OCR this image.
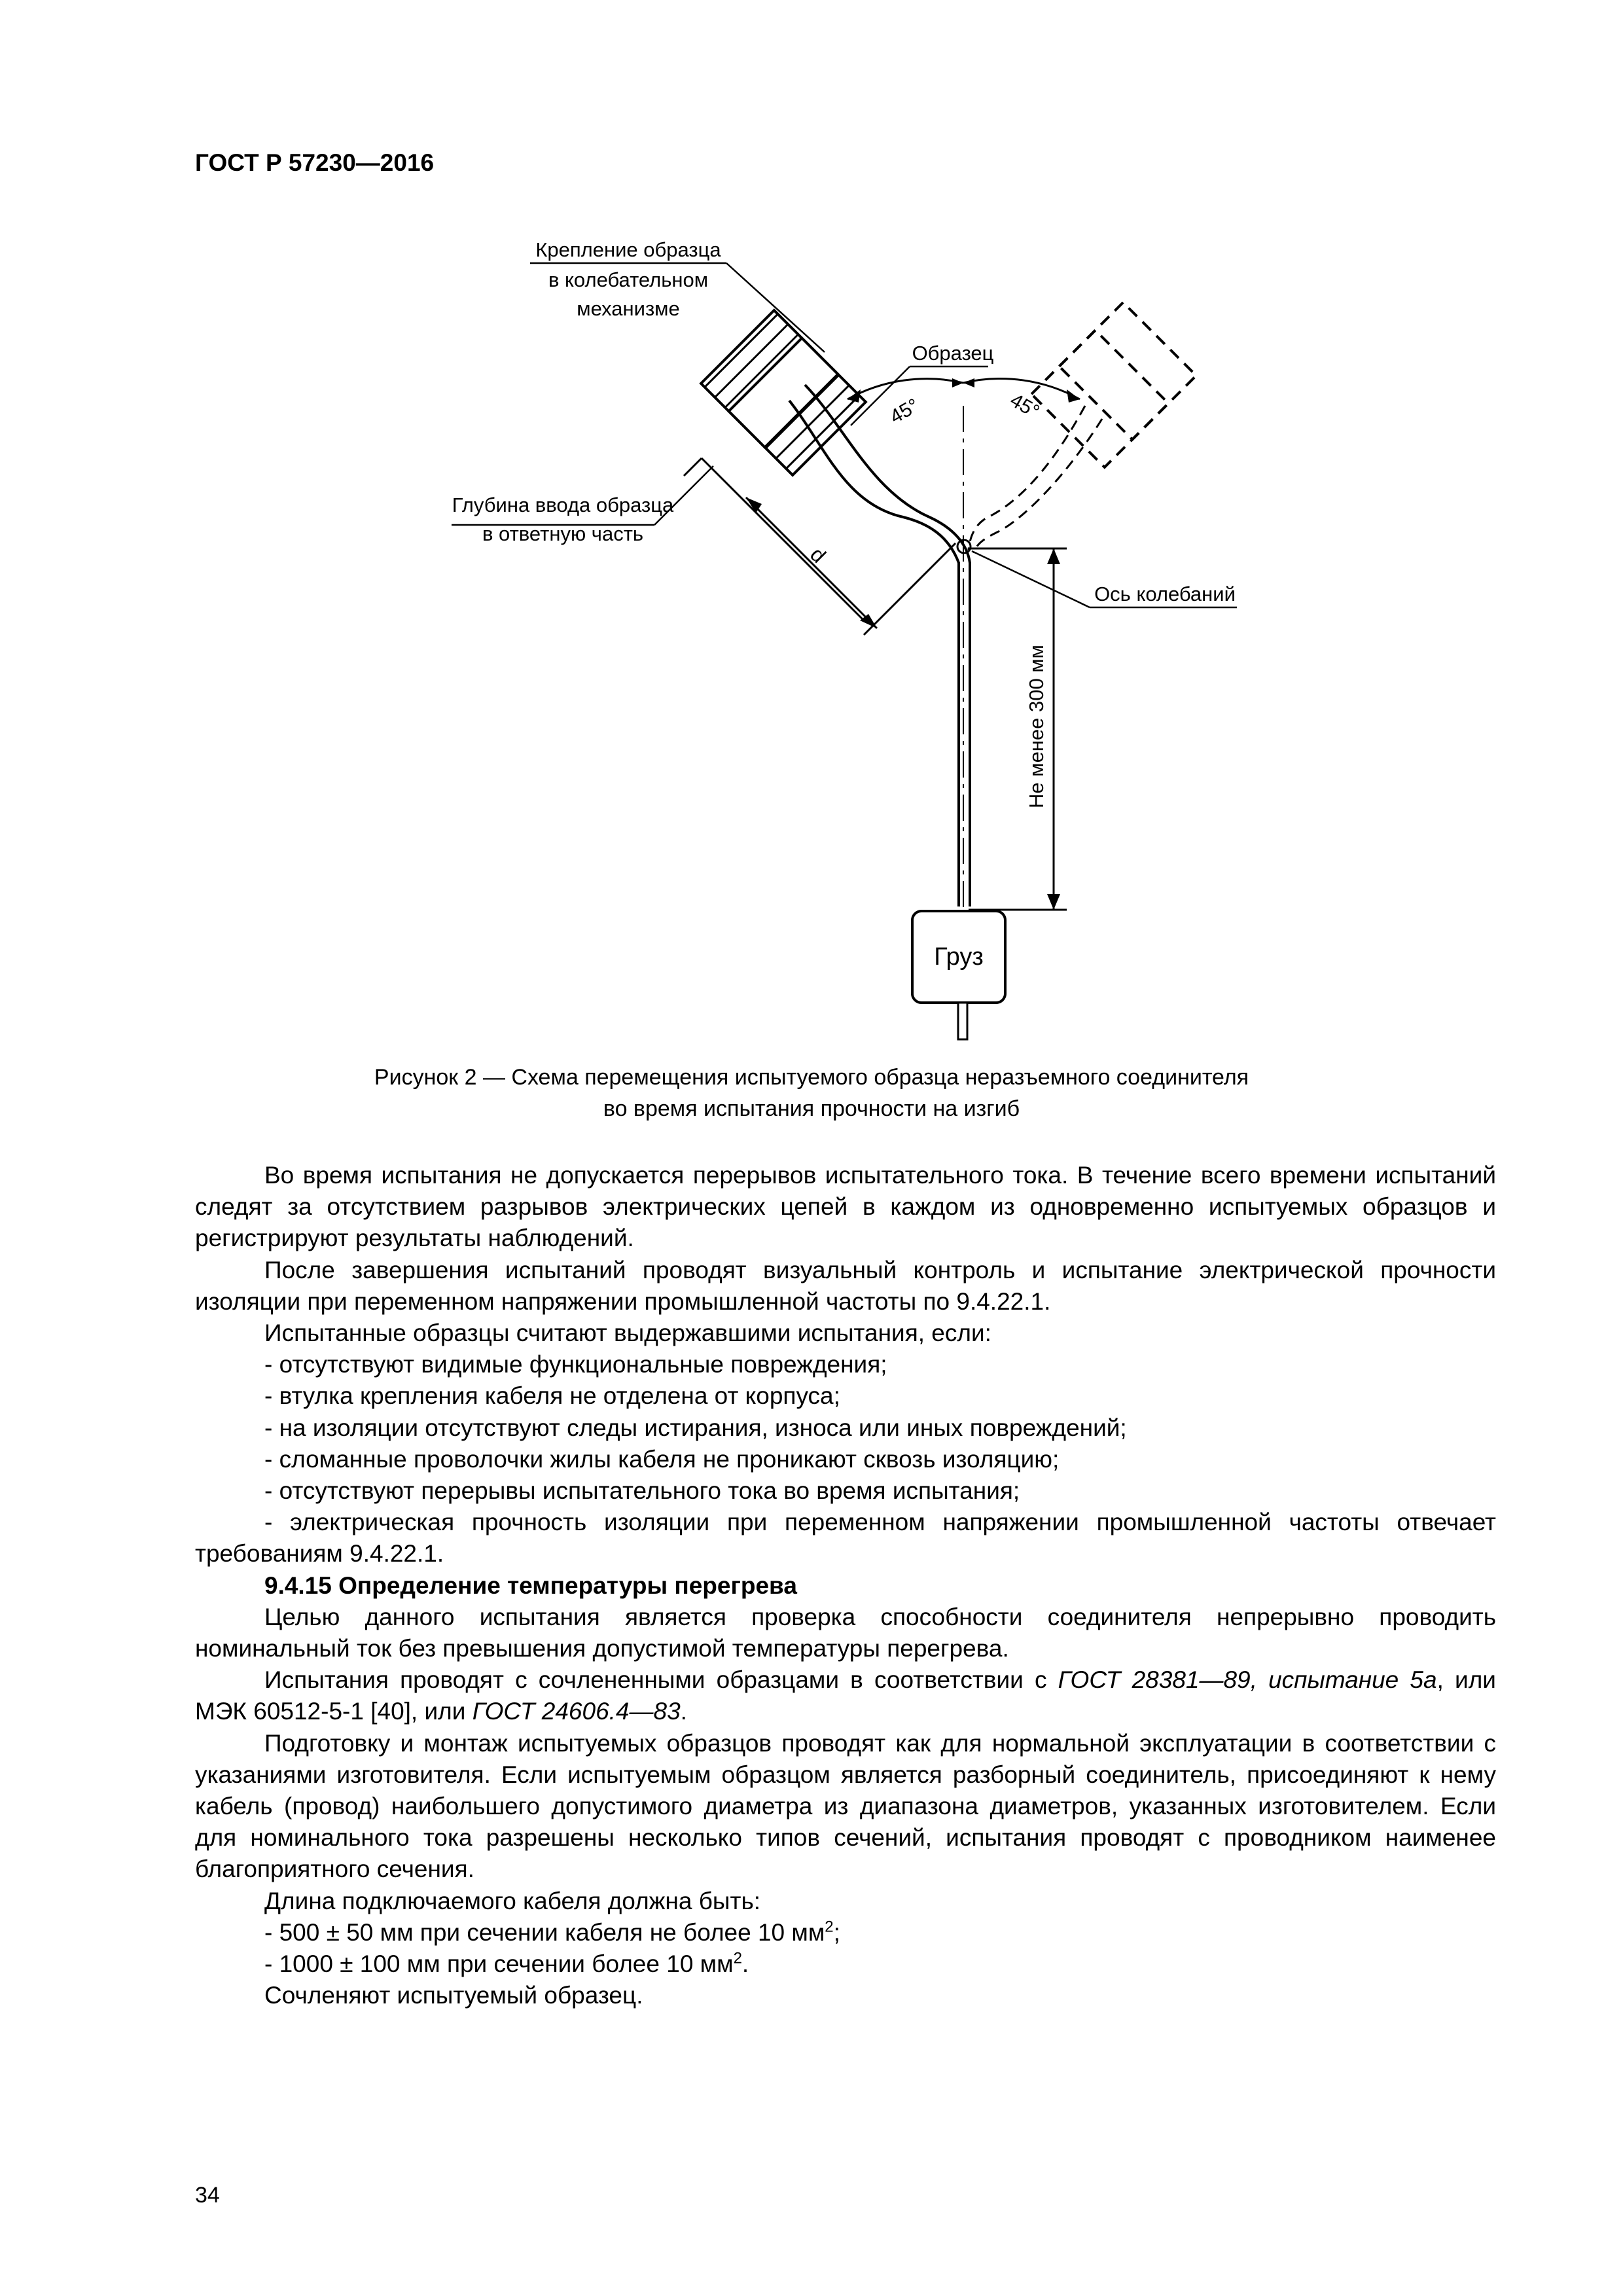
ГОСТ Р 57230—2016
Крепление образца
в колебательном
механизме
Образец
45°	45°
Глубина ввода образца
в ответную часть
d
Ось колебаний
Не менее 300 мм
Груз
Рисунок 2 — Схема перемещения испытуемого образца неразъемного соединителя
во время испытания прочности на изгиб

Во время испытания не допускается перерывов испытательного тока. В течение всего времени испытаний следят за отсутствием разрывов электрических цепей в каждом из одновременно испытуемых образцов и регистрируют результаты наблюдений.

После завершения испытаний проводят визуальный контроль и испытание электрической прочности изоляции при переменном напряжении промышленной частоты по 9.4.22.1.

Испытанные образцы считают выдержавшими испытания, если:

- отсутствуют видимые функциональные повреждения;

- втулка крепления кабеля не отделена от корпуса;

- на изоляции отсутствуют следы истирания, износа или иных повреждений;

- сломанные проволочки жилы кабеля не проникают сквозь изоляцию;

- отсутствуют перерывы испытательного тока во время испытания;

- электрическая прочность изоляции при переменном напряжении промышленной частоты отвечает требованиям 9.4.22.1.

9.4.15 Определение температуры перегрева

Целью данного испытания является проверка способности соединителя непрерывно проводить номинальный ток без превышения допустимой температуры перегрева.

Испытания проводят с сочлененными образцами в соответствии с ГОСТ 28381—89, испытание 5а, или МЭК 60512-5-1 [40], или ГОСТ 24606.4—83.

Подготовку и монтаж испытуемых образцов проводят как для нормальной эксплуатации в соответствии с указаниями изготовителя. Если испытуемым образцом является разборный соединитель, присоединяют к нему кабель (провод) наибольшего допустимого диаметра из диапазона диаметров, указанных изготовителем. Если для номинального тока разрешены несколько типов сечений, испытания проводят с проводником наименее благоприятного сечения.

Длина подключаемого кабеля должна быть:

- 500 ± 50 мм при сечении кабеля не более 10 $мм^2$;

- 1000 ± 100 мм при сечении более 10 $мм^2$.

Сочленяют испытуемый образец.

34
